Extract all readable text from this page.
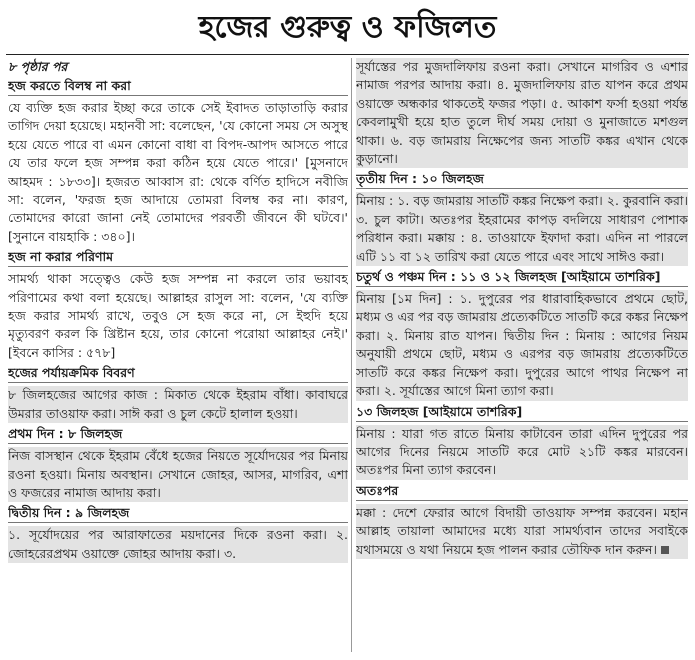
হজের গুরুত্ব ও ফজিলত
৮ পৃষ্ঠার পর
হজ করতে বিলম্ব না করা

যে ব্যক্তি হজ করার ইচ্ছা করে তাকে সেই ইবাদত তাড়াতাড়ি করার তাগিদ দেয়া হয়েছে। মহানবী সা: বলেছেন, 'যে কোনো সময় সে অসুস্থ হয়ে যেতে পারে বা এমন কোনো বাধা বা বিপদ-আপদ আসতে পারে যে তার ফলে হজ সম্পন্ন করা কঠিন হয়ে যেতে পারে।' [মুসনাদে আহমদ : ১৮৩৩]। হজরত আব্বাস রা: থেকে বর্ণিত হাদিসে নবীজি সা: বলেন, 'ফরজ হজ আদায়ে তোমরা বিলম্ব কর না। কারণ, তোমাদের কারো জানা নেই তোমাদের পরবর্তী জীবনে কী ঘটবে।' [সুনানে বায়হাকি : ৩৪০]।

হজ না করার পরিণাম

সামর্থ্য থাকা সত্ত্বেও কেউ হজ সম্পন্ন না করলে তার ভয়াবহ পরিণামের কথা বলা হয়েছে। আল্লাহর রাসুল সা: বলেন, 'যে ব্যক্তি হজ করার সামর্থ্য রাখে, তবুও সে হজ করে না, সে ইহুদি হয়ে মৃত্যুবরণ করল কি খ্রিষ্টান হয়ে, তার কোনো পরোয়া আল্লাহর নেই।' [ইবনে কাসির : ৫৭৮]

হজের পর্যায়ক্রমিক বিবরণ

৮ জিলহজের আগের কাজ : মিকাত থেকে ইহরাম বাঁধা। কাবাঘরে উমরার তাওয়াফ করা। সাঈ করা ও চুল কেটে হালাল হওয়া।

প্রথম দিন : ৮ জিলহজ

নিজ বাসস্থান থেকে ইহরাম বেঁধে হজের নিয়তে সূর্যোদয়ের পর মিনায় রওনা হওয়া। মিনায় অবস্থান। সেখানে জোহর, আসর, মাগরিব, এশা ও ফজরের নামাজ আদায় করা।

দ্বিতীয় দিন : ৯ জিলহজ

১. সূর্যোদয়ের পর আরাফাতের ময়দানের দিকে রওনা করা। ২. জোহরেরপ্রথম ওয়াক্তে জোহর আদায় করা। ৩.

সূর্যাস্তের পর মুজদালিফায় রওনা করা। সেখানে মাগরিব ও এশার নামাজ পরপর আদায় করা। ৪. মুজদালিফায় রাত যাপন করে প্রথম ওয়াক্তে অন্ধকার থাকতেই ফজর পড়া। ৫. আকাশ ফর্সা হওয়া পর্যন্ত কেবলামুখী হয়ে হাত তুলে দীর্ঘ সময় দোয়া ও মুনাজাতে মশগুল থাকা। ৬. বড় জামরায় নিক্ষেপের জন্য সাতটি কঙ্কর এখান থেকে কুড়ানো।

তৃতীয় দিন : ১০ জিলহজ

মিনায় : ১. বড় জামরায় সাতটি কঙ্কর নিক্ষেপ করা। ২. কুরবানি করা। ৩. চুল কাটা। অতঃপর ইহরামের কাপড় বদলিয়ে সাধারণ পোশাক পরিধান করা। মক্কায় : ৪. তাওয়াফে ইফাদা করা। এদিন না পারলে এটি ১১ বা ১২ তারিখ করা যেতে পারে এবং সাথে সাঈও করা।

চতুর্থ ও পঞ্চম দিন : ১১ ও ১২ জিলহজ [আইয়ামে তাশরিক]

মিনায় [১ম দিন] : ১. দুপুরের পর ধারাবাহিকভাবে প্রথমে ছোট, মধ্যম ও এর পর বড় জামরায় প্রত্যেকটিতে সাতটি করে কঙ্কর নিক্ষেপ করা। ২. মিনায় রাত যাপন। দ্বিতীয় দিন : মিনায় : আগের নিয়ম অনুযায়ী প্রথমে ছোট, মধ্যম ও এরপর বড় জামরায় প্রত্যেকটিতে সাতটি করে কঙ্কর নিক্ষেপ করা। দুপুরের আগে পাথর নিক্ষেপ না করা। ২. সূর্যাস্তের আগে মিনা ত্যাগ করা।

১৩ জিলহজ [আইয়ামে তাশরিক]

মিনায় : যারা গত রাতে মিনায় কাটাবেন তারা এদিন দুপুরের পর আগের দিনের নিয়মে সাতটি করে মোট ২১টি কঙ্কর মারবেন। অতঃপর মিনা ত্যাগ করবেন।

অতঃপর

মক্কা : দেশে ফেরার আগে বিদায়ী তাওয়াফ সম্পন্ন করবেন। মহান আল্লাহ তায়ালা আমাদের মধ্যে যারা সামর্থ্যবান তাদের সবাইকে যথাসময়ে ও যথা নিয়মে হজ পালন করার তৌফিক দান করুন।
